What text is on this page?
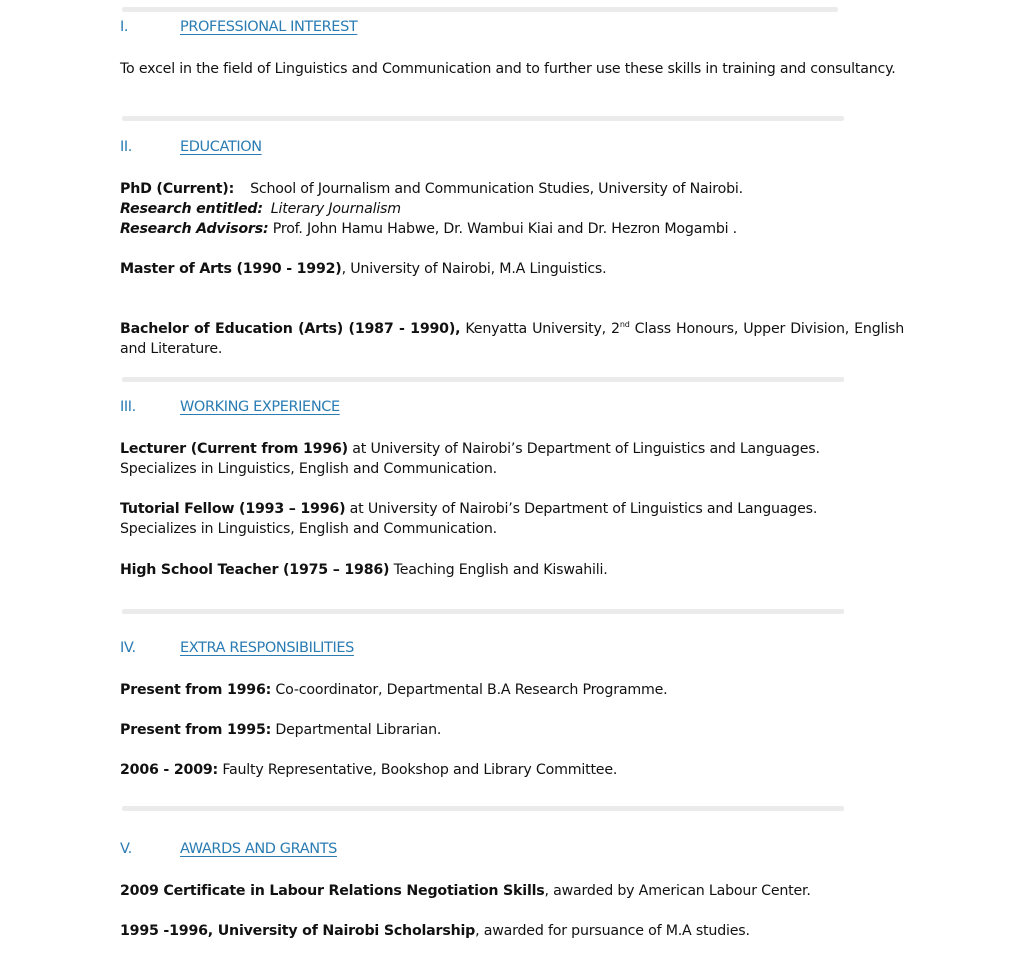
I.	PROFESSIONAL INTEREST
To excel in the field of Linguistics and Communication and to further use these skills in training and consultancy.
II.	EDUCATION
PhD (Current): School of Journalism and Communication Studies, University of Nairobi.
Research entitled: Literary Journalism
Research Advisors: Prof. John Hamu Habwe, Dr. Wambui Kiai and Dr. Hezron Mogambi .
Master of Arts (1990 - 1992), University of Nairobi, M.A Linguistics.
Bachelor of Education (Arts) (1987 - 1990), Kenyatta University, 2nd Class Honours, Upper Division, English and Literature.
III.	WORKING EXPERIENCE
Lecturer (Current from 1996) at University of Nairobi’s Department of Linguistics and Languages.
Specializes in Linguistics, English and Communication.
Tutorial Fellow (1993 – 1996) at University of Nairobi’s Department of Linguistics and Languages.
Specializes in Linguistics, English and Communication.
High School Teacher (1975 – 1986) Teaching English and Kiswahili.
IV.	EXTRA RESPONSIBILITIES
Present from 1996: Co-coordinator, Departmental B.A Research Programme.
Present from 1995: Departmental Librarian.
2006 - 2009: Faulty Representative, Bookshop and Library Committee.
V.	AWARDS AND GRANTS
2009 Certificate in Labour Relations Negotiation Skills, awarded by American Labour Center.
1995 -1996, University of Nairobi Scholarship, awarded for pursuance of M.A studies.
